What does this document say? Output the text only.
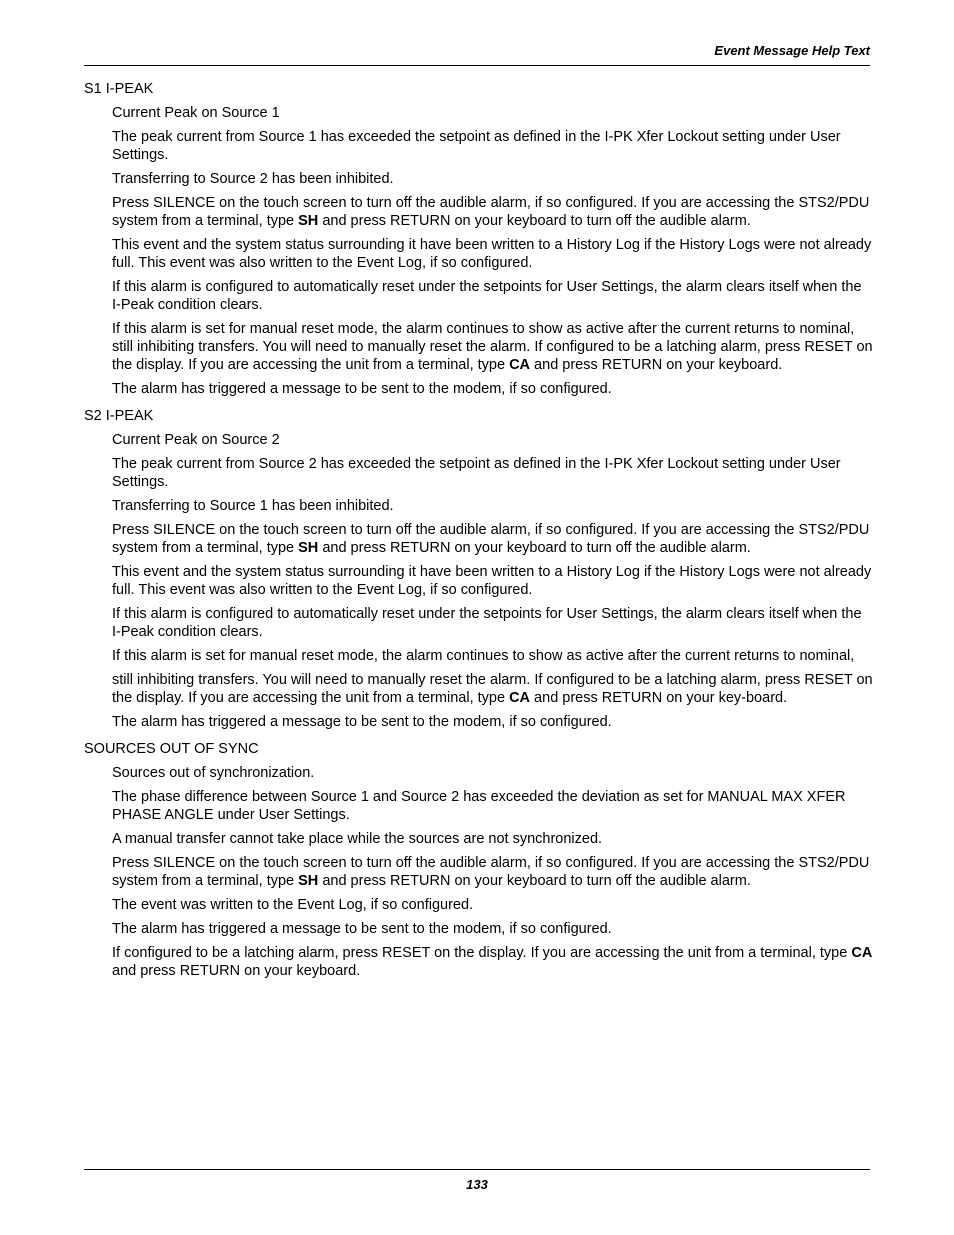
Event Message Help Text
S1 I-PEAK

Current Peak on Source 1

The peak current from Source 1 has exceeded the setpoint as defined in the I-PK Xfer Lockout setting under User Settings.

Transferring to Source 2 has been inhibited.

Press SILENCE on the touch screen to turn off the audible alarm, if so configured. If you are accessing the STS2/PDU system from a terminal, type SH and press RETURN on your keyboard to turn off the audible alarm.

This event and the system status surrounding it have been written to a History Log if the History Logs were not already full. This event was also written to the Event Log, if so configured.

If this alarm is configured to automatically reset under the setpoints for User Settings, the alarm clears itself when the I-Peak condition clears.

If this alarm is set for manual reset mode, the alarm continues to show as active after the current returns to nominal, still inhibiting transfers. You will need to manually reset the alarm. If configured to be a latching alarm, press RESET on the display. If you are accessing the unit from a terminal, type CA and press RETURN on your keyboard.

The alarm has triggered a message to be sent to the modem, if so configured.

S2 I-PEAK

Current Peak on Source 2

The peak current from Source 2 has exceeded the setpoint as defined in the I-PK Xfer Lockout setting under User Settings.

Transferring to Source 1 has been inhibited.

Press SILENCE on the touch screen to turn off the audible alarm, if so configured. If you are accessing the STS2/PDU system from a terminal, type SH and press RETURN on your keyboard to turn off the audible alarm.

This event and the system status surrounding it have been written to a History Log if the History Logs were not already full. This event was also written to the Event Log, if so configured.

If this alarm is configured to automatically reset under the setpoints for User Settings, the alarm clears itself when the I-Peak condition clears.

If this alarm is set for manual reset mode, the alarm continues to show as active after the current returns to nominal,

still inhibiting transfers. You will need to manually reset the alarm. If configured to be a latching alarm, press RESET on the display. If you are accessing the unit from a terminal, type CA and press RETURN on your key-board.

The alarm has triggered a message to be sent to the modem, if so configured.

SOURCES OUT OF SYNC

Sources out of synchronization.

The phase difference between Source 1 and Source 2 has exceeded the deviation as set for MANUAL MAX XFER PHASE ANGLE under User Settings.

A manual transfer cannot take place while the sources are not synchronized.

Press SILENCE on the touch screen to turn off the audible alarm, if so configured. If you are accessing the STS2/PDU system from a terminal, type SH and press RETURN on your keyboard to turn off the audible alarm.

The event was written to the Event Log, if so configured.

The alarm has triggered a message to be sent to the modem, if so configured.

If configured to be a latching alarm, press RESET on the display. If you are accessing the unit from a terminal, type CA and press RETURN on your keyboard.

133
